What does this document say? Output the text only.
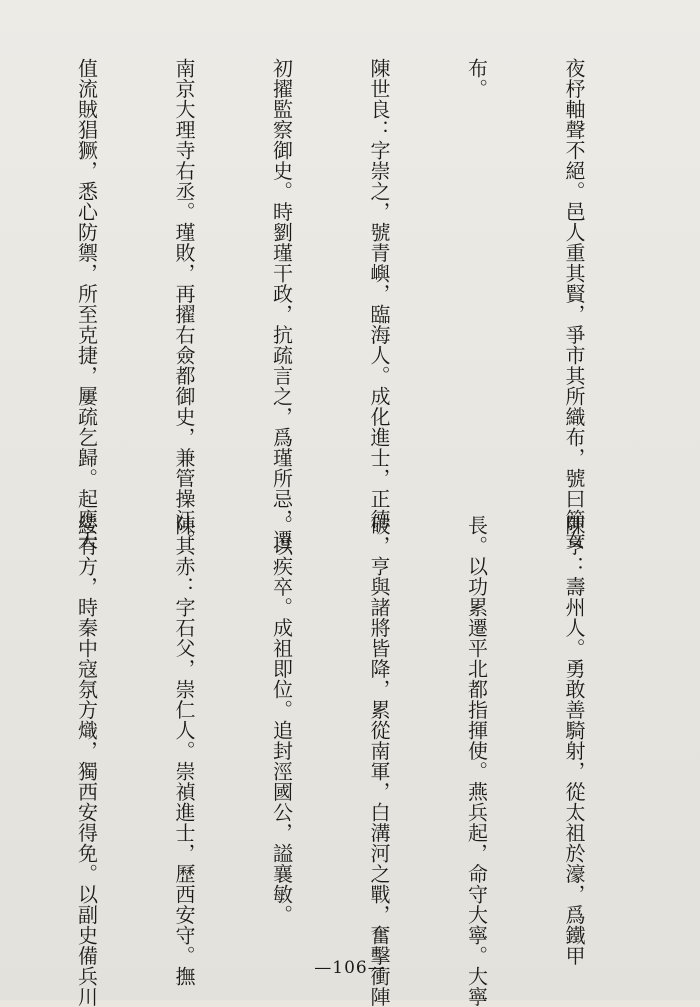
夜杼軸聲不絕。邑人重其賢，爭市其所織布，號曰節女

布。

陳世良：字崇之，號青嶼，臨海人。成化進士，正德

初擢監察御史。時劉瑾干政，抗疏言之，爲瑾所忌，遷

南京大理寺右丞。瑾敗，再擢右僉都御史，兼管操江。

值流賊猖獗，悉心防禦，所至克捷，屢疏乞歸。起應天

陳亨：壽州人。勇敢善騎射，從太祖於濠，爲鐵甲

長。以功累遷平北都指揮使。燕兵起，命守大寧。大寧

破，亨與諸將皆降，累從南軍，白溝河之戰，奮擊衝陣

。以疾卒。成祖即位。追封涇國公，謚襄敏。

陳其赤：字石父，崇仁人。崇禎進士，歷西安守。撫

綏有方，時秦中寇氛方熾，獨西安得免。以副史備兵川

	—106—
